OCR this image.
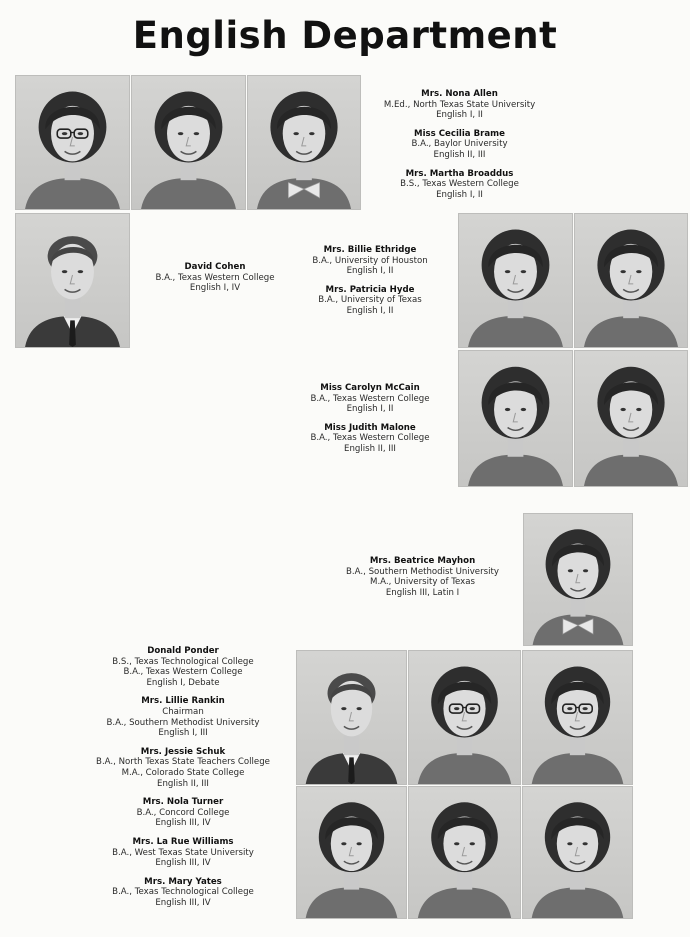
English Department
Mrs. Nona Allen
M.Ed., North Texas State University
English I, II
Miss Cecilia Brame
B.A., Baylor University
English II, III
Mrs. Martha Broaddus
B.S., Texas Western College
English I, II
David Cohen
B.A., Texas Western College
English I, IV
Mrs. Billie Ethridge
B.A., University of Houston
English I, II
Mrs. Patricia Hyde
B.A., University of Texas
English I, II
Miss Carolyn McCain
B.A., Texas Western College
English I, II
Miss Judith Malone
B.A., Texas Western College
English II, III
Mrs. Beatrice Mayhon
B.A., Southern Methodist University
M.A., University of Texas
English III, Latin I
Donald Ponder
B.S., Texas Technological College
B.A., Texas Western College
English I, Debate
Mrs. Lillie Rankin
Chairman
B.A., Southern Methodist University
English I, III
Mrs. Jessie Schuk
B.A., North Texas State Teachers College
M.A., Colorado State College
English II, III
Mrs. Nola Turner
B.A., Concord College
English III, IV
Mrs. La Rue Williams
B.A., West Texas State University
English III, IV
Mrs. Mary Yates
B.A., Texas Technological College
English III, IV
